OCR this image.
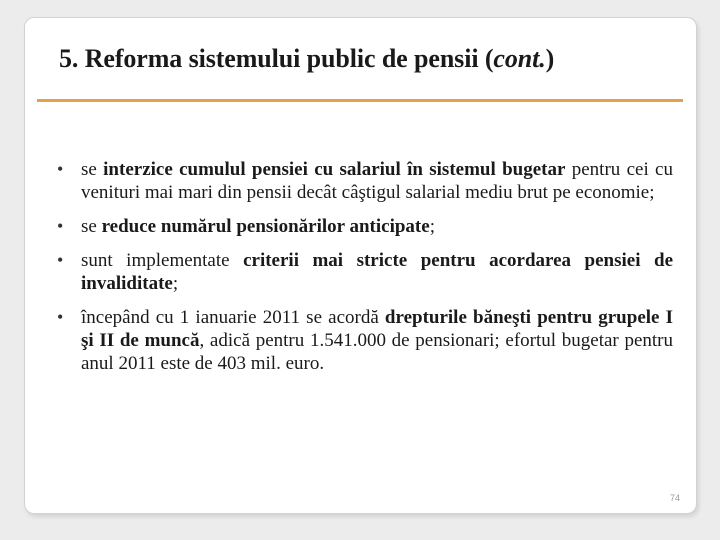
5. Reforma sistemului public de pensii (cont.)

• se interzice cumulul pensiei cu salariul în sistemul bugetar pentru cei cu venituri mai mari din pensii decât câştigul salarial mediu brut pe economie;

• se reduce numărul pensionărilor anticipate;

• sunt implementate criterii mai stricte pentru acordarea pensiei de invaliditate;

• începând cu 1 ianuarie 2011 se acordă drepturile băneşti pentru grupele I şi II de muncă, adică pentru 1.541.000 de pensionari; efortul bugetar pentru anul 2011 este de 403 mil. euro.

74
